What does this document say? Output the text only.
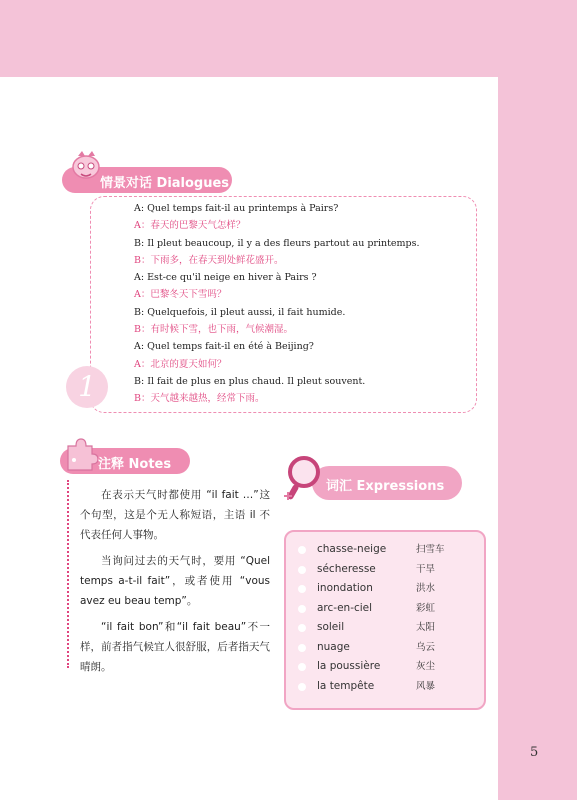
情景对话 Dialogues
A: Quel temps fait-il au printemps à Pairs?
A：春天的巴黎天气怎样？
B: Il pleut beaucoup, il y a des fleurs partout au printemps.
B：下雨多，在春天到处鲜花盛开。
A: Est-ce qu'il neige en hiver à Pairs ?
A：巴黎冬天下雪吗？
B: Quelquefois, il pleut aussi, il fait humide.
B：有时候下雪，也下雨，气候潮湿。
A: Quel temps fait-il en été à Beijing?
A：北京的夏天如何？
B: Il fait de plus en plus chaud. Il pleut souvent.
B：天气越来越热，经常下雨。
1
注释 Notes

在表示天气时都使用 “il fait …”这个句型，这是个无人称短语，主语 il 不代表任何人事物。

当询问过去的天气时，要用 “Quel temps a-t-il fait”，或者使用 “vous avez eu beau temp”。

“il fait bon”和“il fait beau”不一样，前者指气候宜人很舒服，后者指天气晴朗。

词汇 Expressions
chasse-neige	扫雪车
sécheresse	干旱
inondation	洪水
arc-en-ciel	彩虹
soleil	太阳
nuage	乌云
la poussière	灰尘
la tempête	风暴
5
